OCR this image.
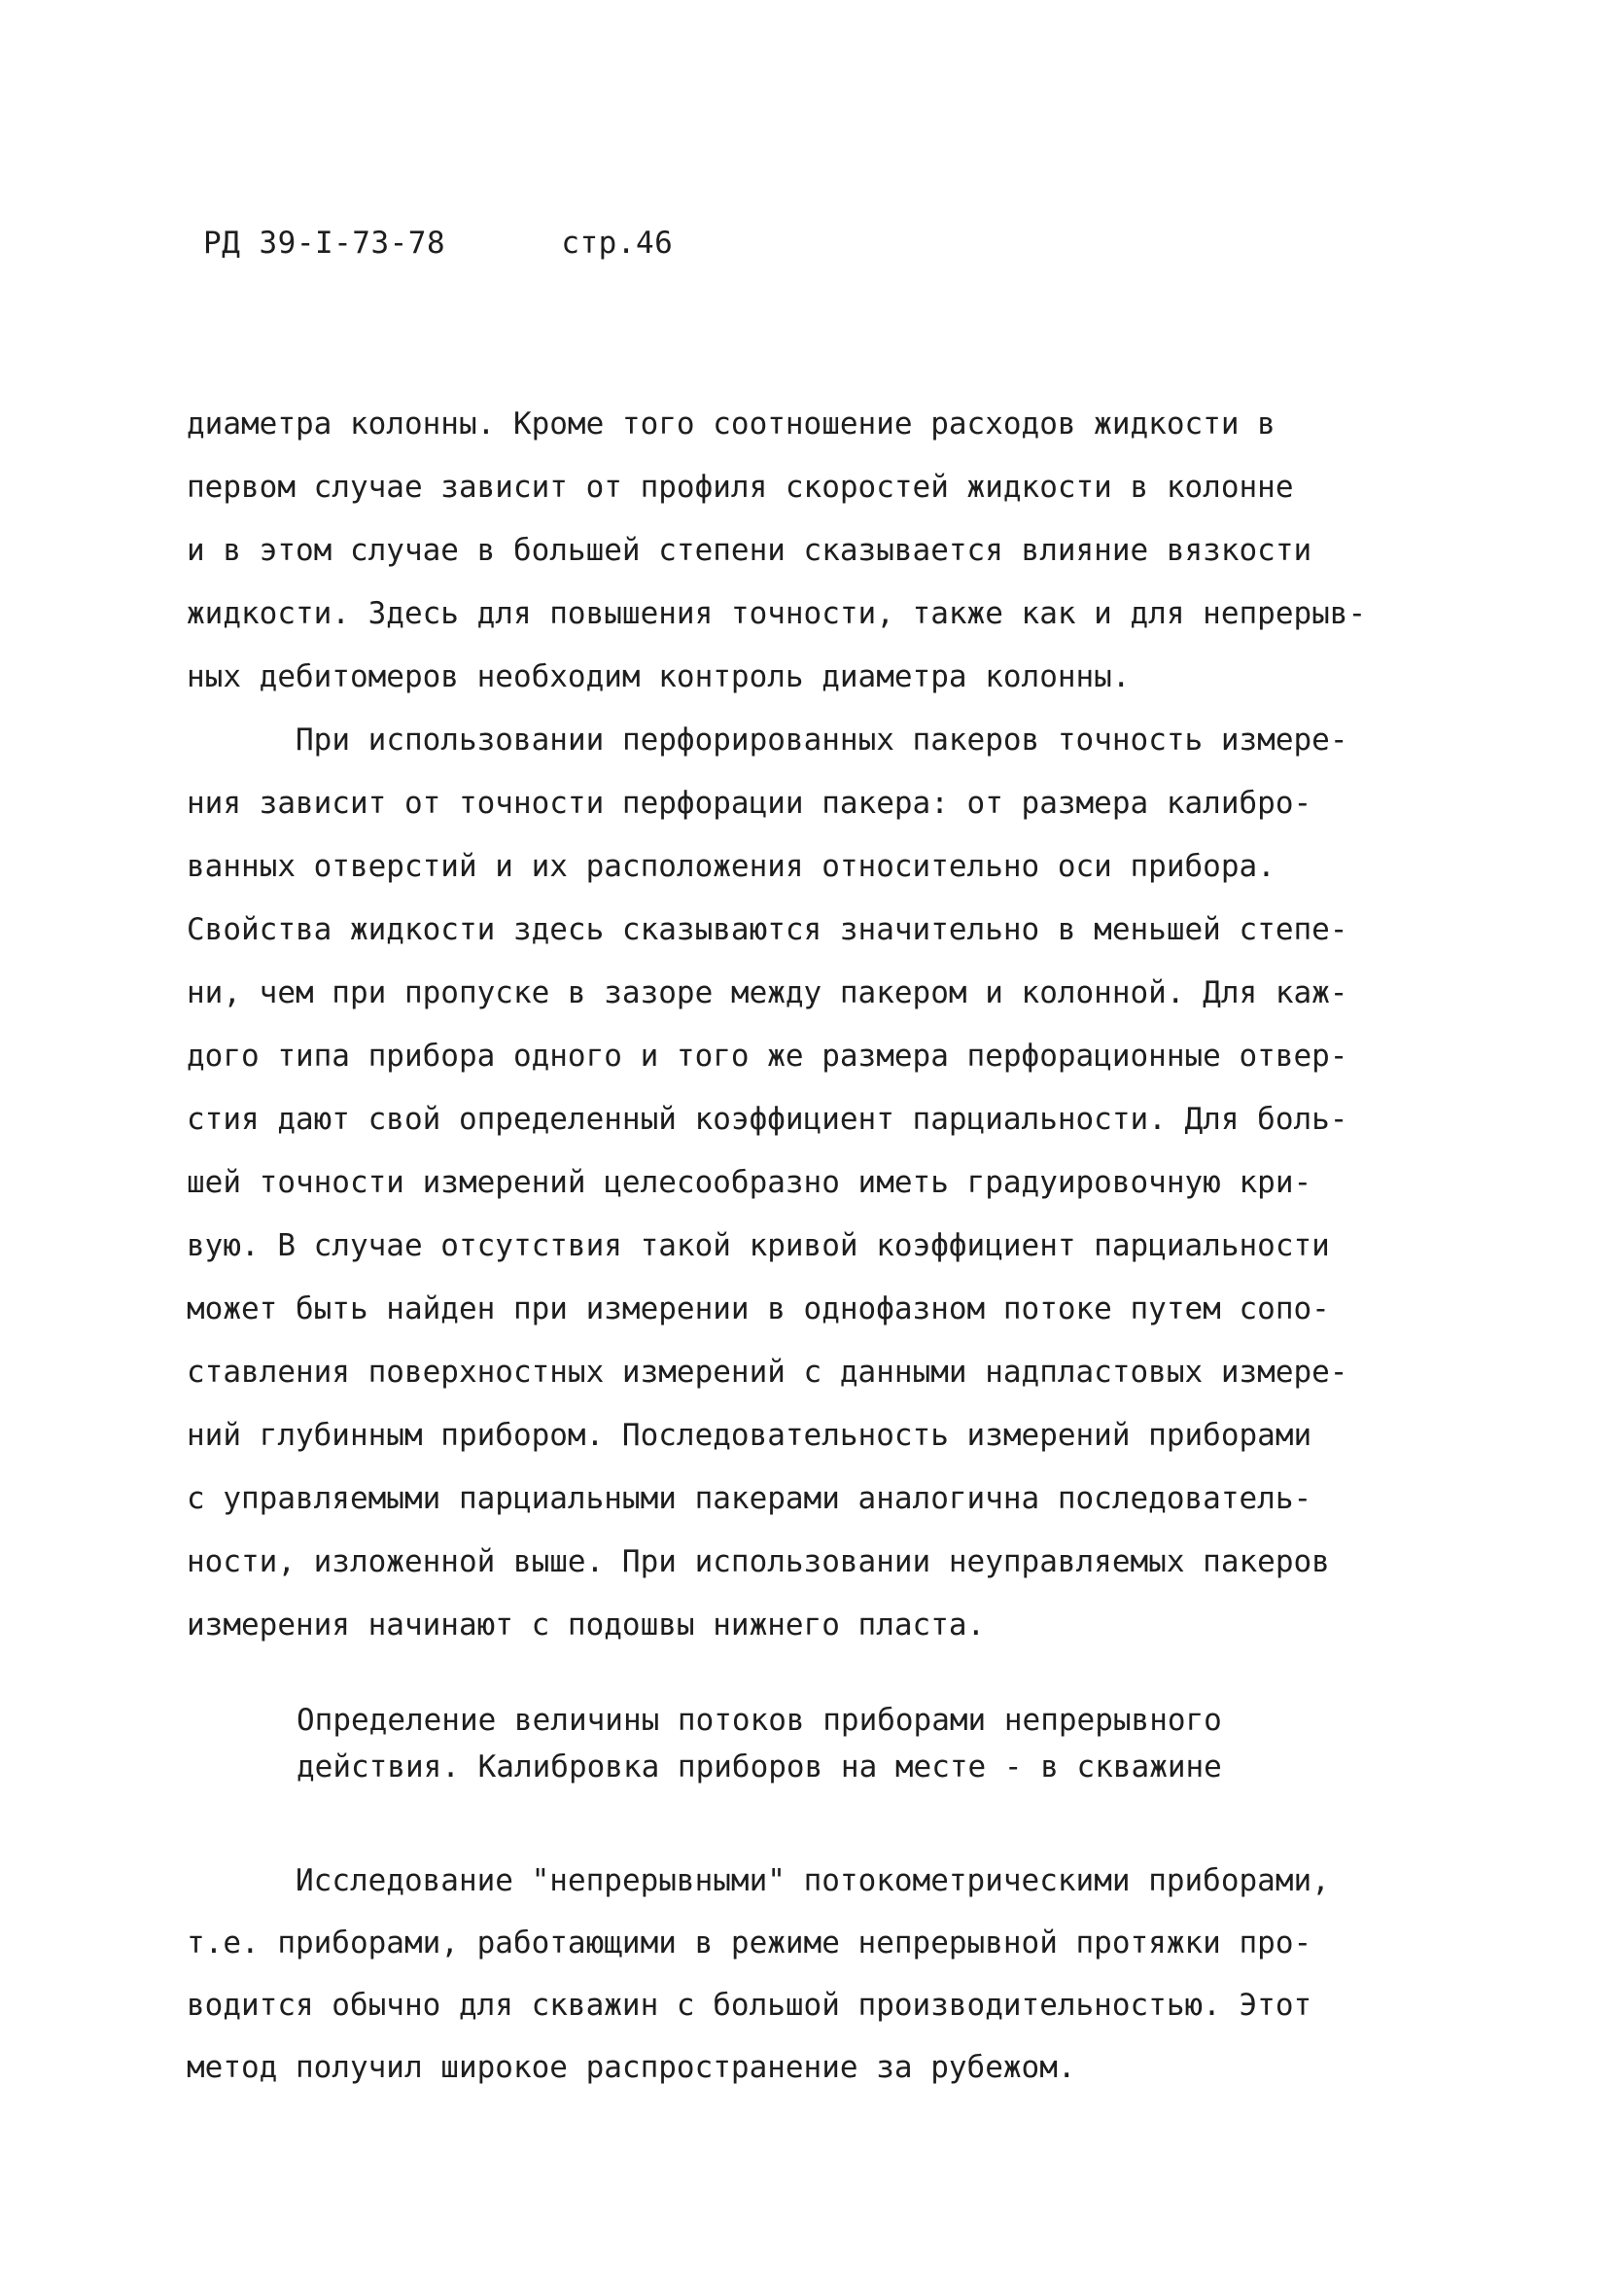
РД 39-I-73-78	стр.46
диаметра колонны. Кроме того соотношение расходов жидкости в
первом случае зависит от профиля скоростей жидкости в колонне
и в этом случае в большей степени сказывается влияние вязкости
жидкости. Здесь для повышения точности, также как и для непрерыв-
ных дебитомеров необходим контроль диаметра колонны.
При использовании перфорированных пакеров точность измере-
ния зависит от точности перфорации пакера: от размера калибро-
ванных отверстий и их расположения относительно оси прибора.
Свойства жидкости здесь сказываются значительно в меньшей степе-
ни, чем при пропуске в зазоре между пакером и колонной. Для каж-
дого типа прибора одного и того же размера перфорационные отвер-
стия дают свой определенный коэффициент парциальности. Для боль-
шей точности измерений целесообразно иметь градуировочную кри-
вую. В случае отсутствия такой кривой коэффициент парциальности
может быть найден при измерении в однофазном потоке путем сопо-
ставления поверхностных измерений с данными надпластовых измере-
ний глубинным прибором. Последовательность измерений приборами
с управляемыми парциальными пакерами аналогична последователь-
ности, изложенной выше. При использовании неуправляемых пакеров
измерения начинают с подошвы нижнего пласта.
Определение величины потоков приборами непрерывного
действия. Калибровка приборов на месте - в скважине
Исследование "непрерывными" потокометрическими приборами,
т.е. приборами, работающими в режиме непрерывной протяжки про-
водится обычно для скважин с большой производительностью. Этот
метод получил широкое распространение за рубежом.
